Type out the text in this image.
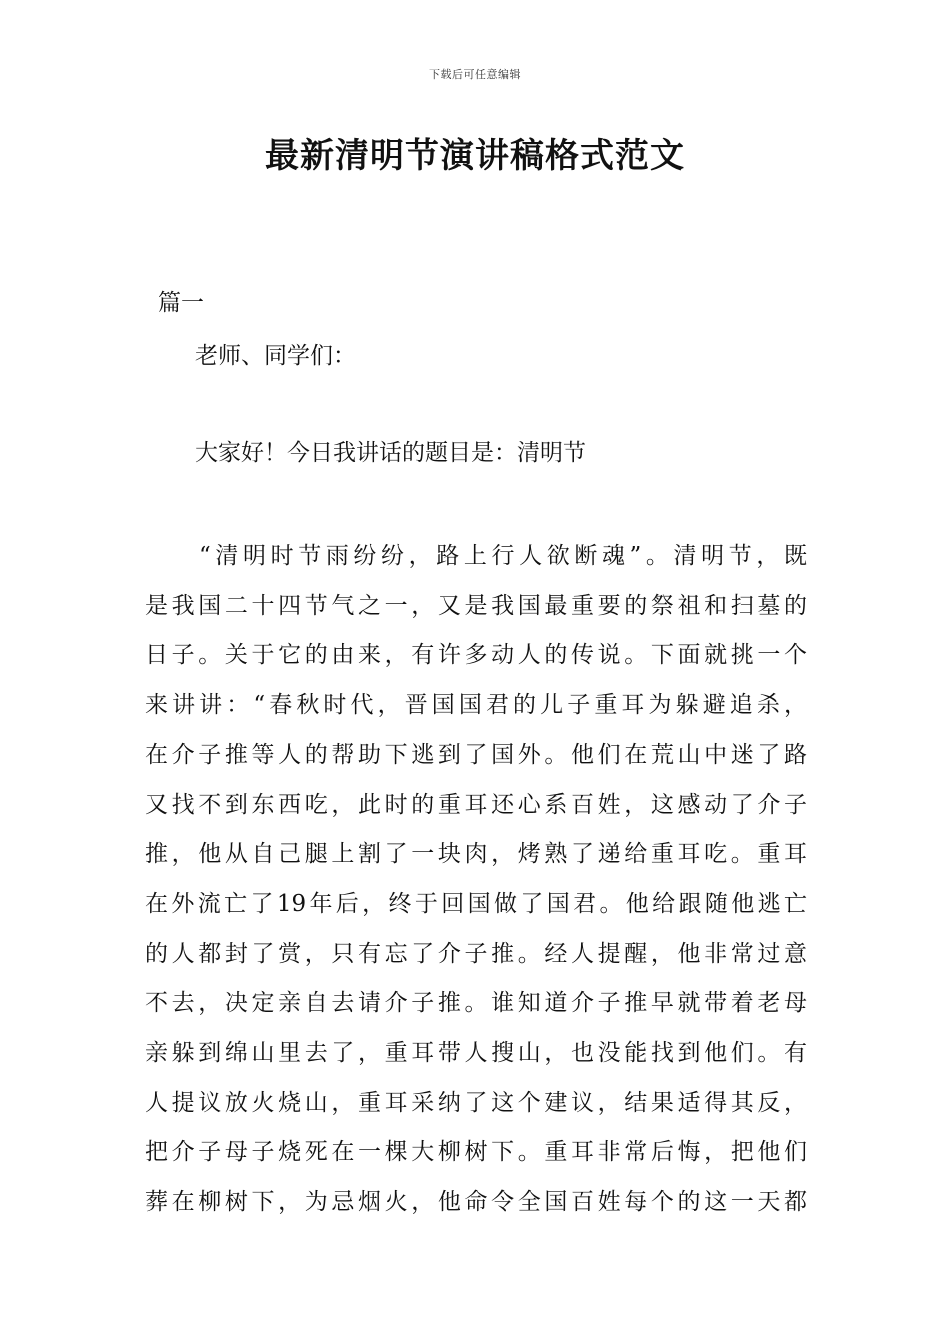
下载后可任意编辑
最新清明节演讲稿格式范文
篇一
老师、同学们：
大家好！今日我讲话的题目是：清明节
“清明时节雨纷纷，路上行人欲断魂”。清明节，既
是我国二十四节气之一，又是我国最重要的祭祖和扫墓的
日子。关于它的由来，有许多动人的传说。下面就挑一个
来讲讲：“春秋时代，晋国国君的儿子重耳为躲避追杀，
在介子推等人的帮助下逃到了国外。他们在荒山中迷了路
又找不到东西吃，此时的重耳还心系百姓，这感动了介子
推，他从自己腿上割了一块肉，烤熟了递给重耳吃。重耳
在外流亡了19年后，终于回国做了国君。他给跟随他逃亡
的人都封了赏，只有忘了介子推。经人提醒，他非常过意
不去，决定亲自去请介子推。谁知道介子推早就带着老母
亲躲到绵山里去了，重耳带人搜山，也没能找到他们。有
人提议放火烧山，重耳采纳了这个建议，结果适得其反，
把介子母子烧死在一棵大柳树下。重耳非常后悔，把他们
葬在柳树下，为忌烟火，他命令全国百姓每个的这一天都
